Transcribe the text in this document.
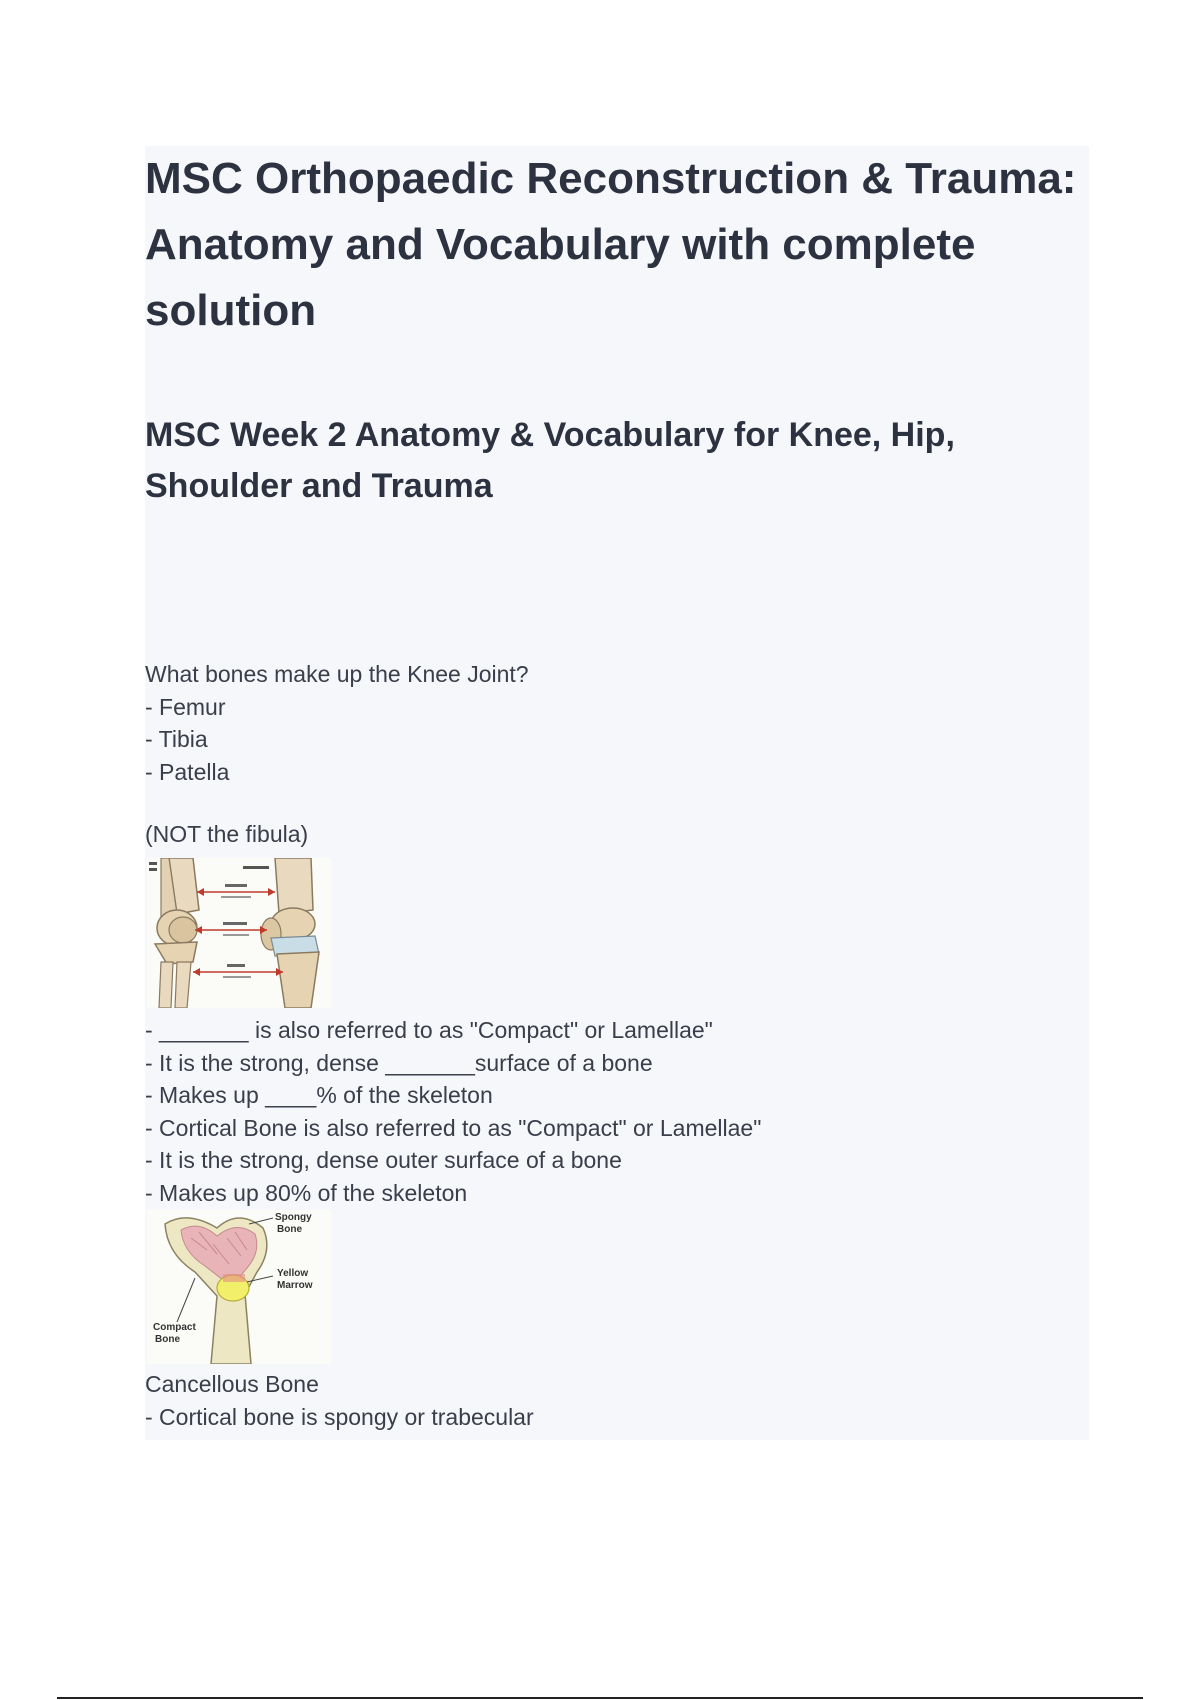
MSC Orthopaedic Reconstruction & Trauma: Anatomy and Vocabulary with complete solution
MSC Week 2 Anatomy & Vocabulary for Knee, Hip, Shoulder and Trauma
What bones make up the Knee Joint?
- Femur
- Tibia
- Patella
(NOT the fibula)
- _______ is also referred to as "Compact" or Lamellae"
- It is the strong, dense _______surface of a bone
- Makes up ____% of the skeleton
- Cortical Bone is also referred to as "Compact" or Lamellae"
- It is the strong, dense outer surface of a bone
- Makes up 80% of the skeleton
Spongy
Bone
Yellow
Marrow
Compact
Bone
Cancellous Bone
- Cortical bone is spongy or trabecular
